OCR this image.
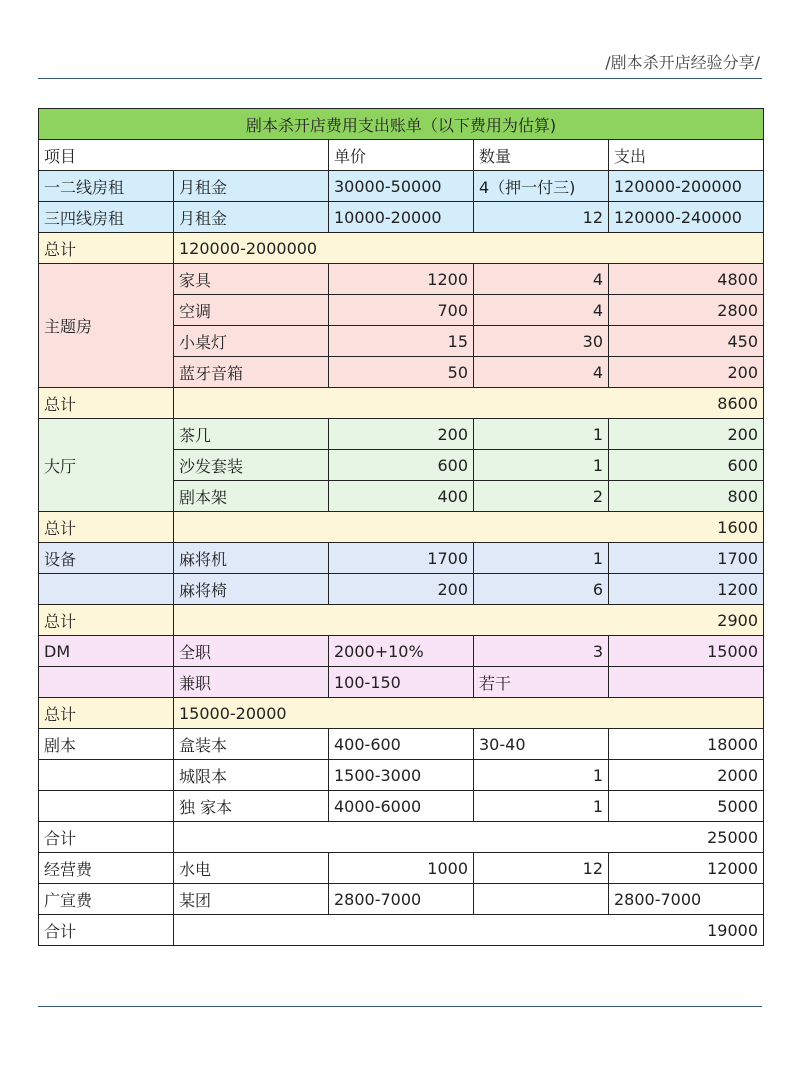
/剧本杀开店经验分享/
剧本杀开店费用支出账单（以下费用为估算)				
项目		单价	数量	支出
一二线房租	月租金	30000-50000	4（押一付三)	120000-200000
三四线房租	月租金	10000-20000	12	120000-240000
总计	120000-2000000			
主题房	家具	1200	4	4800
	空调	700	4	2800
	小桌灯	15	30	450
	蓝牙音箱	50	4	200
总计	8600			
大厅	茶几	200	1	200
	沙发套装	600	1	600
	剧本架	400	2	800
总计	1600			
设备	麻将机	1700	1	1700
	麻将椅	200	6	1200
总计	2900			
DM	全职	2000+10%	3	15000
	兼职	100-150	若干	
总计	15000-20000			
剧本	盒装本	400-600	30-40	18000
	城限本	1500-3000	1	2000
	独 家本	4000-6000	1	5000
合计	25000			
经营费	水电	1000	12	12000
广宣费	某团	2800-7000		2800-7000
合计	19000			
